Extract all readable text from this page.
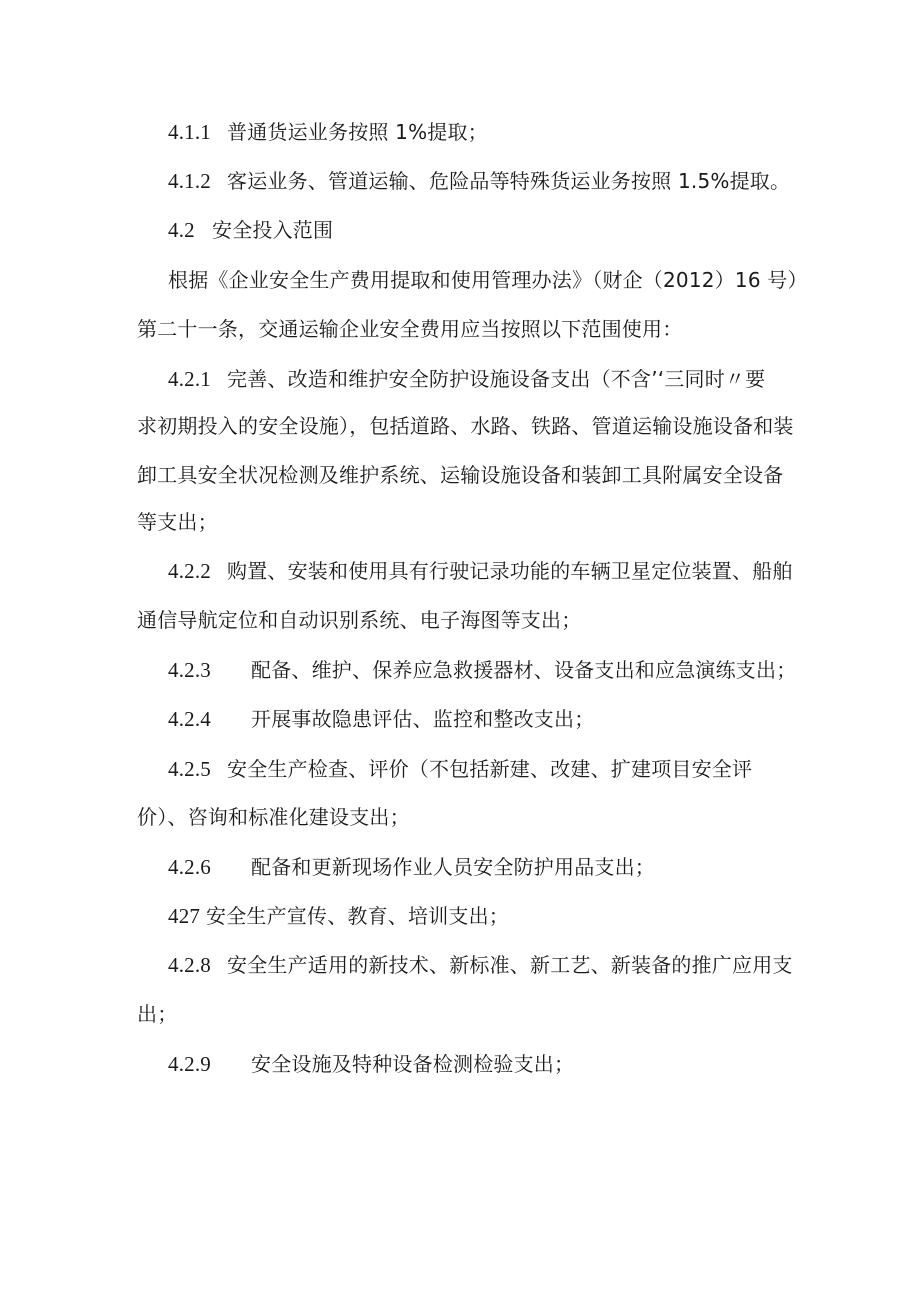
4.1.1 普通货运业务按照 1%提取；
4.1.2 客运业务、管道运输、危险品等特殊货运业务按照 1.5%提取。
4.2 安全投入范围
根据《企业安全生产费用提取和使用管理办法》（财企（2012）16 号）
第二十一条，交通运输企业安全费用应当按照以下范围使用：
4.2.1 完善、改造和维护安全防护设施设备支出（不含’‘三同时〃要
求初期投入的安全设施），包括道路、水路、铁路、管道运输设施设备和装
卸工具安全状况检测及维护系统、运输设施设备和装卸工具附属安全设备
等支出；
4.2.2 购置、安装和使用具有行驶记录功能的车辆卫星定位装置、船舶
通信导航定位和自动识别系统、电子海图等支出；
4.2.3 配备、维护、保养应急救援器材、设备支出和应急演练支出；
4.2.4 开展事故隐患评估、监控和整改支出；
4.2.5 安全生产检查、评价（不包括新建、改建、扩建项目安全评
价）、咨询和标准化建设支出；
4.2.6 配备和更新现场作业人员安全防护用品支出；
427 安全生产宣传、教育、培训支出；
4.2.8 安全生产适用的新技术、新标准、新工艺、新装备的推广应用支
出；
4.2.9 安全设施及特种设备检测检验支出；
